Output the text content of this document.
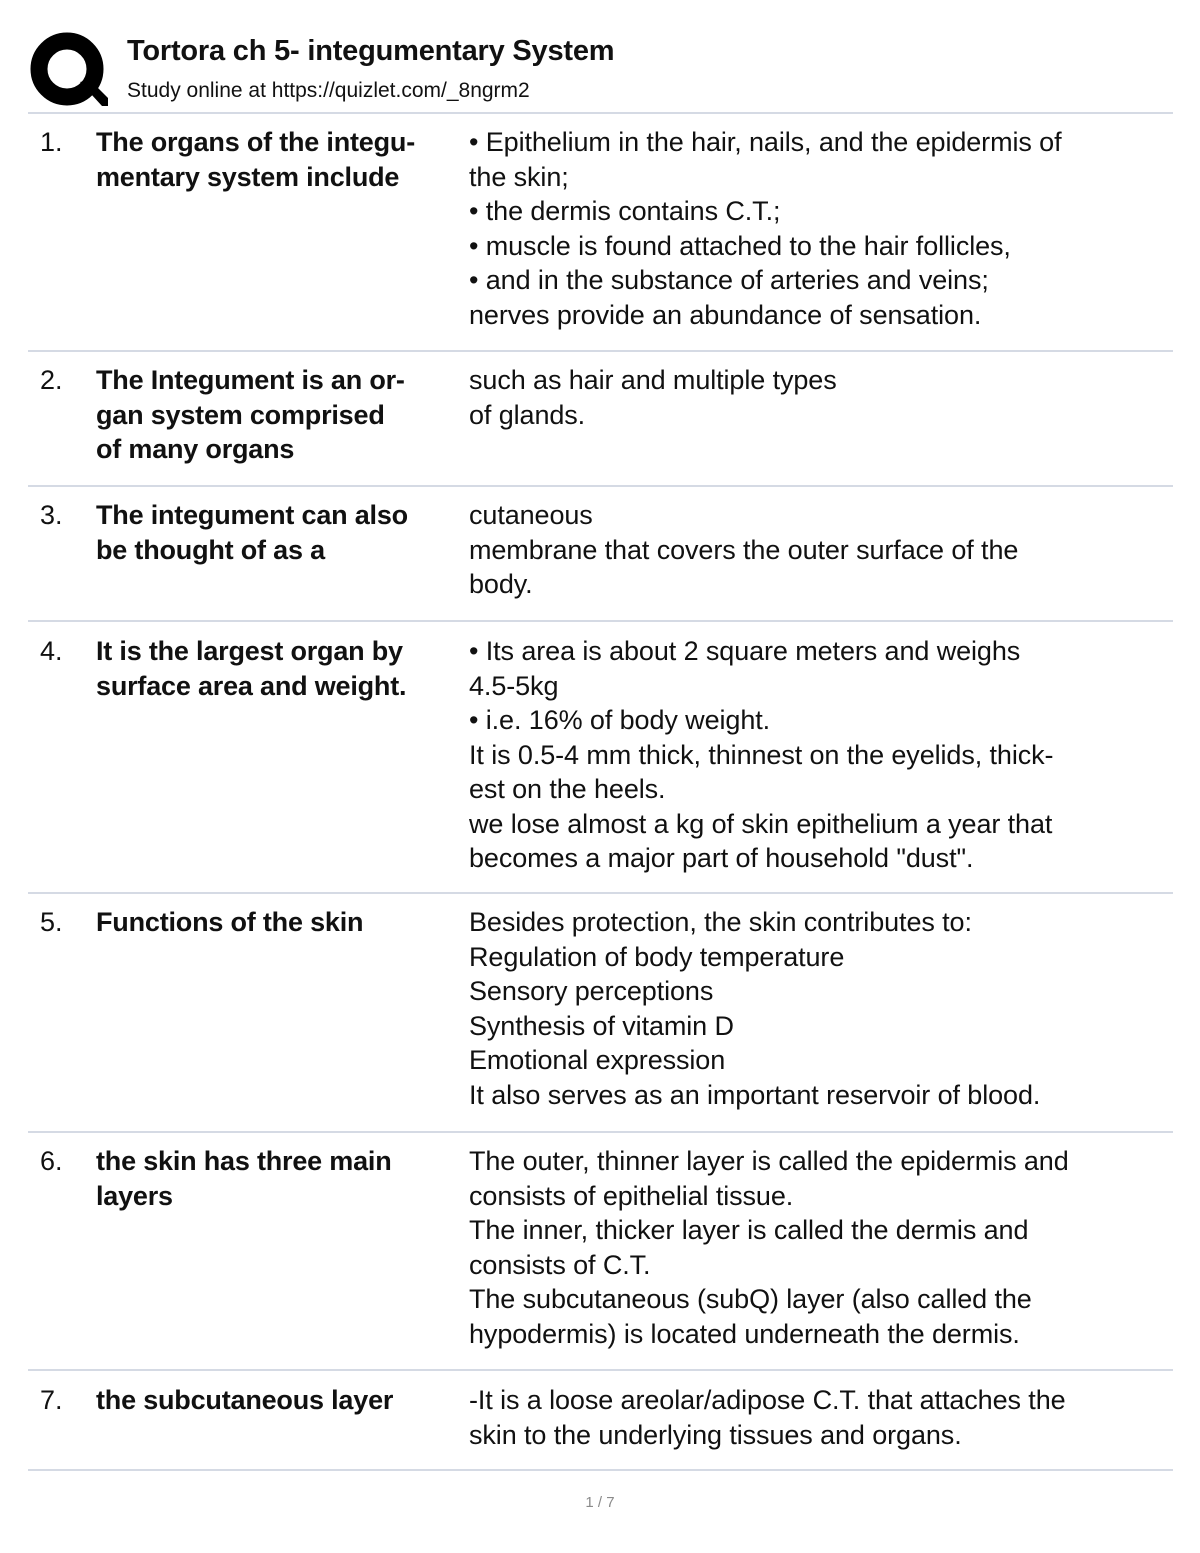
Tortora ch 5- integumentary System
Study online at https://quizlet.com/_8ngrm2
1. The organs of the integu-
mentary system include
• Epithelium in the hair, nails, and the epidermis of
the skin;
• the dermis contains C.T.;
• muscle is found attached to the hair follicles,
• and in the substance of arteries and veins;
nerves provide an abundance of sensation.
2. The Integument is an or-
gan system comprised
of many organs
such as hair and multiple types
of glands.
3. The integument can also
be thought of as a
cutaneous
membrane that covers the outer surface of the
body.
4. It is the largest organ by
surface area and weight.
• Its area is about 2 square meters and weighs
4.5-5kg
• i.e. 16% of body weight.
It is 0.5-4 mm thick, thinnest on the eyelids, thick-
est on the heels.
we lose almost a kg of skin epithelium a year that
becomes a major part of household "dust".
5. Functions of the skin	Besides protection, the skin contributes to:
Regulation of body temperature
Sensory perceptions
Synthesis of vitamin D
Emotional expression
It also serves as an important reservoir of blood.
6. the skin has three main
layers
The outer, thinner layer is called the epidermis and
consists of epithelial tissue.
The inner, thicker layer is called the dermis and
consists of C.T.
The subcutaneous (subQ) layer (also called the
hypodermis) is located underneath the dermis.
7. the subcutaneous layer	-It is a loose areolar/adipose C.T. that attaches the
skin to the underlying tissues and organs.
1 / 7
